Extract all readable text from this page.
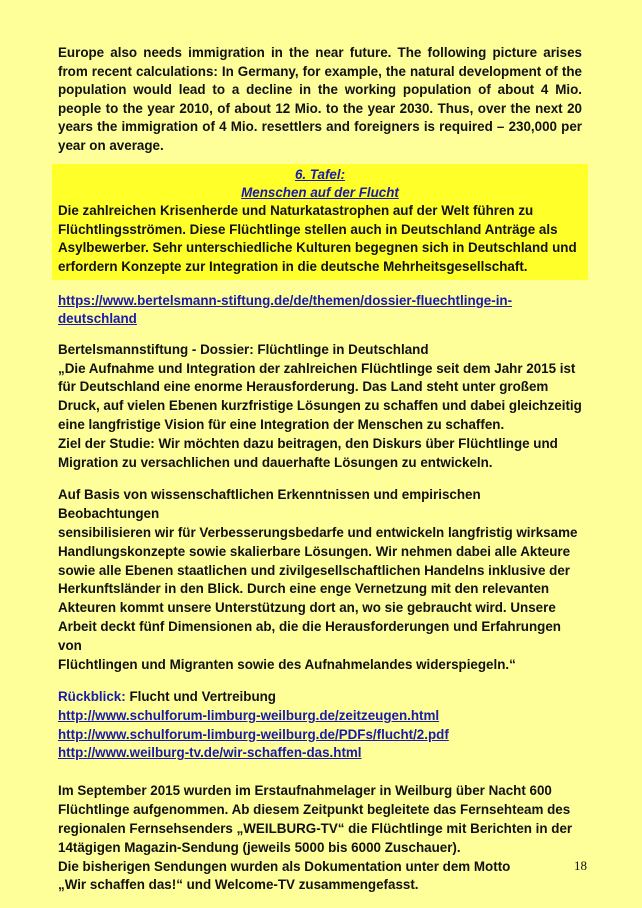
Europe also needs immigration in the near future. The following picture arises from recent calculations: In Germany, for example, the natural development of the population would lead to a decline in the working population of about 4 Mio. people to the year 2010, of about 12 Mio. to the year 2030. Thus, over the next 20 years the immigration of 4 Mio. resettlers and foreigners is required – 230,000 per year on average.

6. Tafel:
Menschen auf der Flucht
Die zahlreichen Krisenherde und Naturkatastrophen auf der Welt führen zu
Flüchtlingsströmen. Diese Flüchtlinge stellen auch in Deutschland Anträge als
Asylbewerber. Sehr unterschiedliche Kulturen begegnen sich in Deutschland und
erfordern Konzepte zur Integration in die deutsche Mehrheitsgesellschaft.
https://www.bertelsmann-stiftung.de/de/themen/dossier-fluechtlinge-in-
deutschland
Bertelsmannstiftung - Dossier: Flüchtlinge in Deutschland
„Die Aufnahme und Integration der zahlreichen Flüchtlinge seit dem Jahr 2015 ist
für Deutschland eine enorme Herausforderung. Das Land steht unter großem
Druck, auf vielen Ebenen kurzfristige Lösungen zu schaffen und dabei gleichzeitig
eine langfristige Vision für eine Integration der Menschen zu schaffen.
Ziel der Studie: Wir möchten dazu beitragen, den Diskurs über Flüchtlinge und
Migration zu versachlichen und dauerhafte Lösungen zu entwickeln.
Auf Basis von wissenschaftlichen Erkenntnissen und empirischen Beobachtungen
sensibilisieren wir für Verbesserungsbedarfe und entwickeln langfristig wirksame
Handlungskonzepte sowie skalierbare Lösungen. Wir nehmen dabei alle Akteure
sowie alle Ebenen staatlichen und zivilgesellschaftlichen Handelns inklusive der
Herkunftsländer in den Blick. Durch eine enge Vernetzung mit den relevanten
Akteuren kommt unsere Unterstützung dort an, wo sie gebraucht wird. Unsere
Arbeit deckt fünf Dimensionen ab, die die Herausforderungen und Erfahrungen von
Flüchtlingen und Migranten sowie des Aufnahmelandes widerspiegeln.“
Rückblick: Flucht und Vertreibung
http://www.schulforum-limburg-weilburg.de/zeitzeugen.html
http://www.schulforum-limburg-weilburg.de/PDFs/flucht/2.pdf
http://www.weilburg-tv.de/wir-schaffen-das.html
Im September 2015 wurden im Erstaufnahmelager in Weilburg über Nacht 600
Flüchtlinge aufgenommen. Ab diesem Zeitpunkt begleitete das Fernsehteam des
regionalen Fernsehsenders „WEILBURG-TV“ die Flüchtlinge mit Berichten in der
14tägigen Magazin-Sendung (jeweils 5000 bis 6000 Zuschauer).
Die bisherigen Sendungen wurden als Dokumentation unter dem Motto
„Wir schaffen das!“ und Welcome-TV zusammengefasst.
18
